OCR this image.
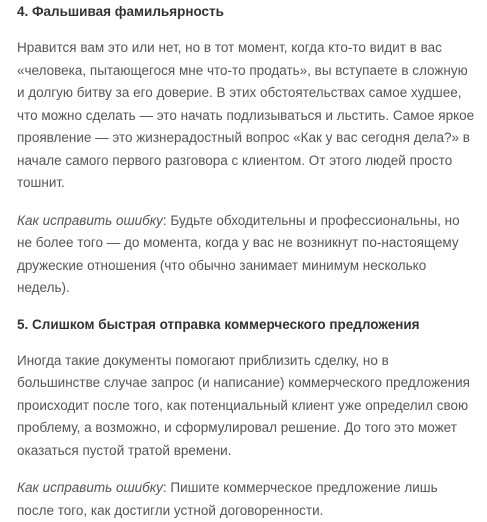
4. Фальшивая фамильярность

Нравится вам это или нет, но в тот момент, когда кто-то видит в вас
«человека, пытающегося мне что-то продать», вы вступаете в сложную
и долгую битву за его доверие. В этих обстоятельствах самое худшее,
что можно сделать — это начать подлизываться и льстить. Самое яркое
проявление — это жизнерадостный вопрос «Как у вас сегодня дела?» в
начале самого первого разговора с клиентом. От этого людей просто
тошнит.

Как исправить ошибку: Будьте обходительны и профессиональны, но
не более того — до момента, когда у вас не возникнут по-настоящему
дружеские отношения (что обычно занимает минимум несколько
недель).

5. Слишком быстрая отправка коммерческого предложения

Иногда такие документы помогают приблизить сделку, но в
большинстве случае запрос (и написание) коммерческого предложения
происходит после того, как потенциальный клиент уже определил свою
проблему, а возможно, и сформулировал решение. До того это может
оказаться пустой тратой времени.

Как исправить ошибку: Пишите коммерческое предложение лишь
после того, как достигли устной договоренности.
